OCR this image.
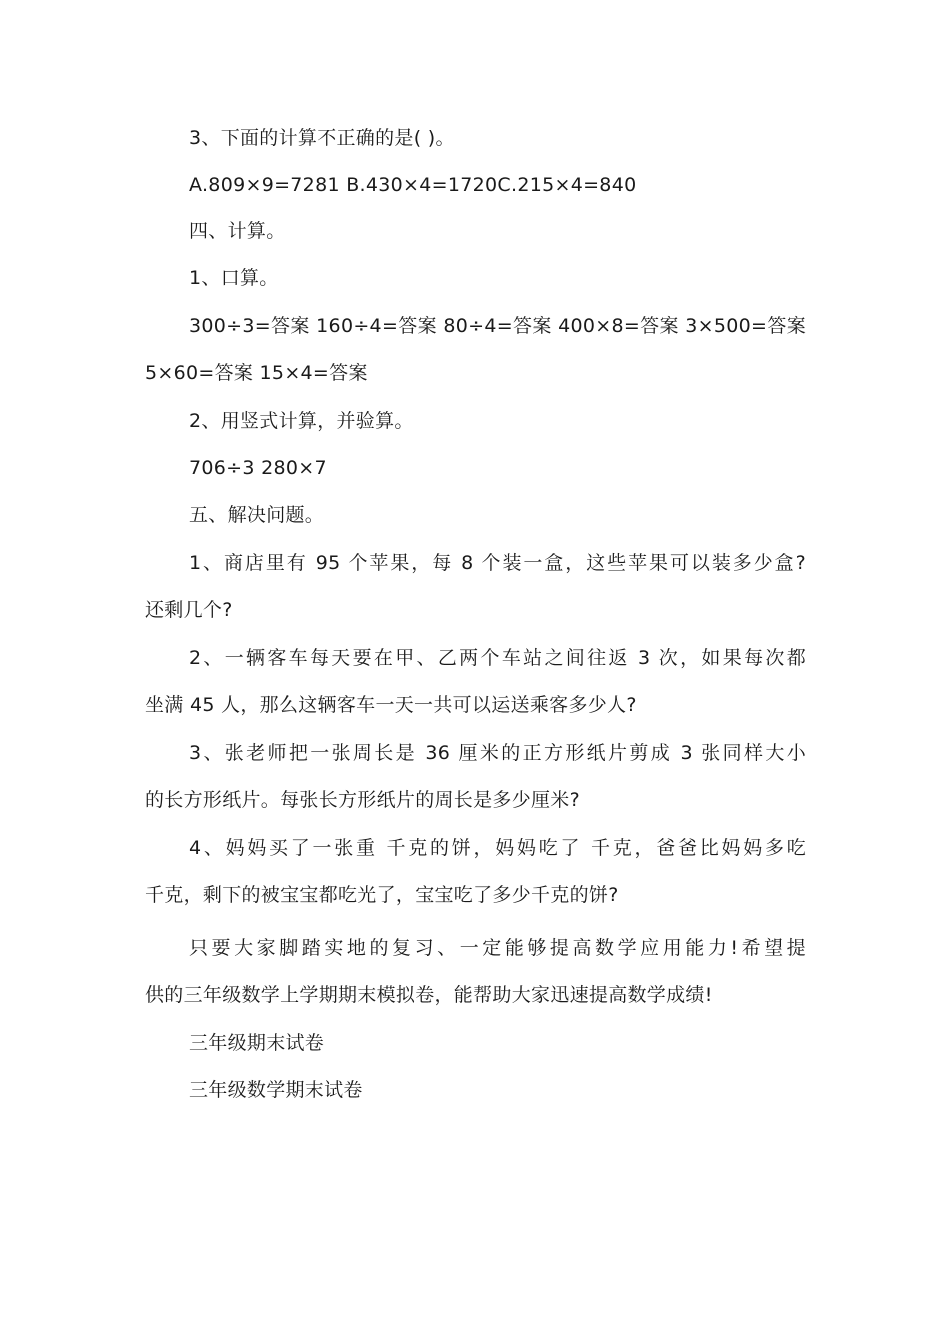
3、下面的计算不正确的是( )。
A.809×9=7281 B.430×4=1720C.215×4=840
四、计算。
1、口算。
300÷3=答案 160÷4=答案 80÷4=答案 400×8=答案 3×500=答案
5×60=答案 15×4=答案
2、用竖式计算，并验算。
706÷3 280×7
五、解决问题。
1、商店里有 95 个苹果，每 8 个装一盒，这些苹果可以装多少盒?
还剩几个?
2、一辆客车每天要在甲、乙两个车站之间往返 3 次，如果每次都
坐满 45 人，那么这辆客车一天一共可以运送乘客多少人?
3、张老师把一张周长是 36 厘米的正方形纸片剪成 3 张同样大小
的长方形纸片。每张长方形纸片的周长是多少厘米?
4、妈妈买了一张重 千克的饼，妈妈吃了 千克，爸爸比妈妈多吃
千克，剩下的被宝宝都吃光了，宝宝吃了多少千克的饼?
只要大家脚踏实地的复习、一定能够提高数学应用能力!希望提
供的三年级数学上学期期末模拟卷，能帮助大家迅速提高数学成绩!
三年级期末试卷
三年级数学期末试卷
